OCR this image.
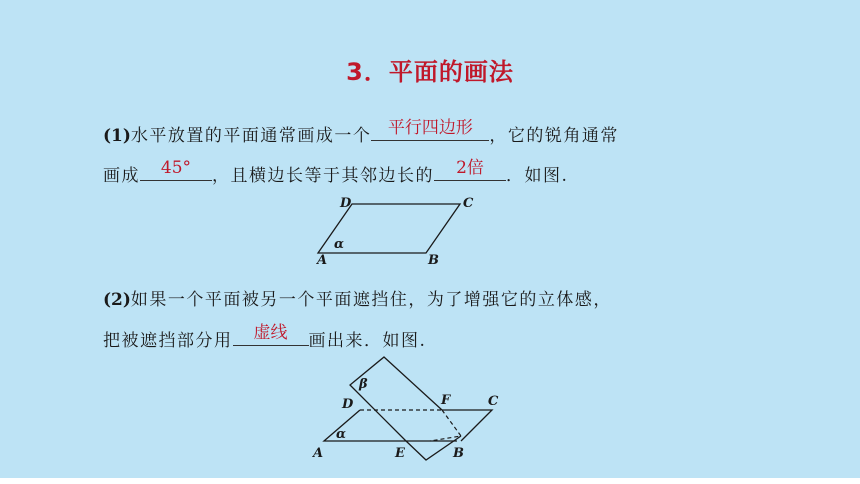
3．平面的画法
(1)水平放置的平面通常画成一个 平行四边形 ，它的锐角通常
画成	45°	，且横边长等于其邻边长的	2倍	．如图.
D	C
A	B
α
(2)如果一个平面被另一个平面遮挡住，为了增强它的立体感，
把被遮挡部分用	虚线	画出来．如图.
β
D	F	C
α
A	E	B
